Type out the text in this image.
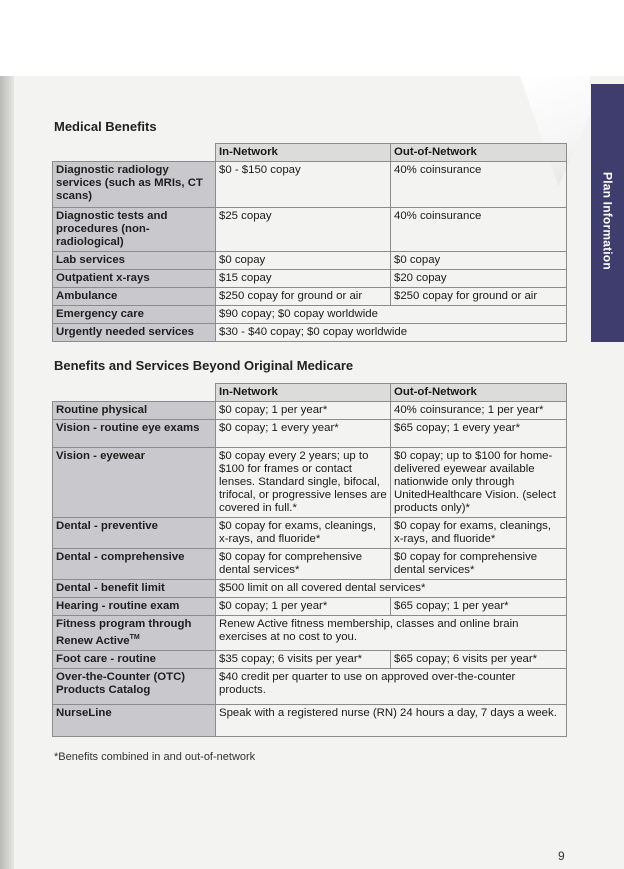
Plan Information
Medical Benefits
	In-Network	Out-of-Network
Diagnostic radiology services (such as MRIs, CT scans)	$0 - $150 copay	40% coinsurance
Diagnostic tests and procedures (non-radiological)	$25 copay	40% coinsurance
Lab services	$0 copay	$0 copay
Outpatient x-rays	$15 copay	$20 copay
Ambulance	$250 copay for ground or air	$250 copay for ground or air
Emergency care	$90 copay; $0 copay worldwide	
Urgently needed services	$30 - $40 copay; $0 copay worldwide	
Benefits and Services Beyond Original Medicare
	In-Network	Out-of-Network
Routine physical	$0 copay; 1 per year*	40% coinsurance; 1 per year*
Vision - routine eye exams	$0 copay; 1 every year*	$65 copay; 1 every year*
Vision - eyewear	$0 copay every 2 years; up to $100 for frames or contact lenses. Standard single, bifocal, trifocal, or progressive lenses are covered in full.*	$0 copay; up to $100 for home-delivered eyewear available nationwide only through UnitedHealthcare Vision. (select products only)*
Dental - preventive	$0 copay for exams, cleanings, x-rays, and fluoride*	$0 copay for exams, cleanings, x-rays, and fluoride*
Dental - comprehensive	$0 copay for comprehensive dental services*	$0 copay for comprehensive dental services*
Dental - benefit limit	$500 limit on all covered dental services*	
Hearing - routine exam	$0 copay; 1 per year*	$65 copay; 1 per year*
Fitness program through Renew Active™	Renew Active fitness membership, classes and online brain exercises at no cost to you.	
Foot care - routine	$35 copay; 6 visits per year*	$65 copay; 6 visits per year*
Over-the-Counter (OTC) Products Catalog	$40 credit per quarter to use on approved over-the-counter products.	
NurseLine	Speak with a registered nurse (RN) 24 hours a day, 7 days a week.	
*Benefits combined in and out-of-network
9
